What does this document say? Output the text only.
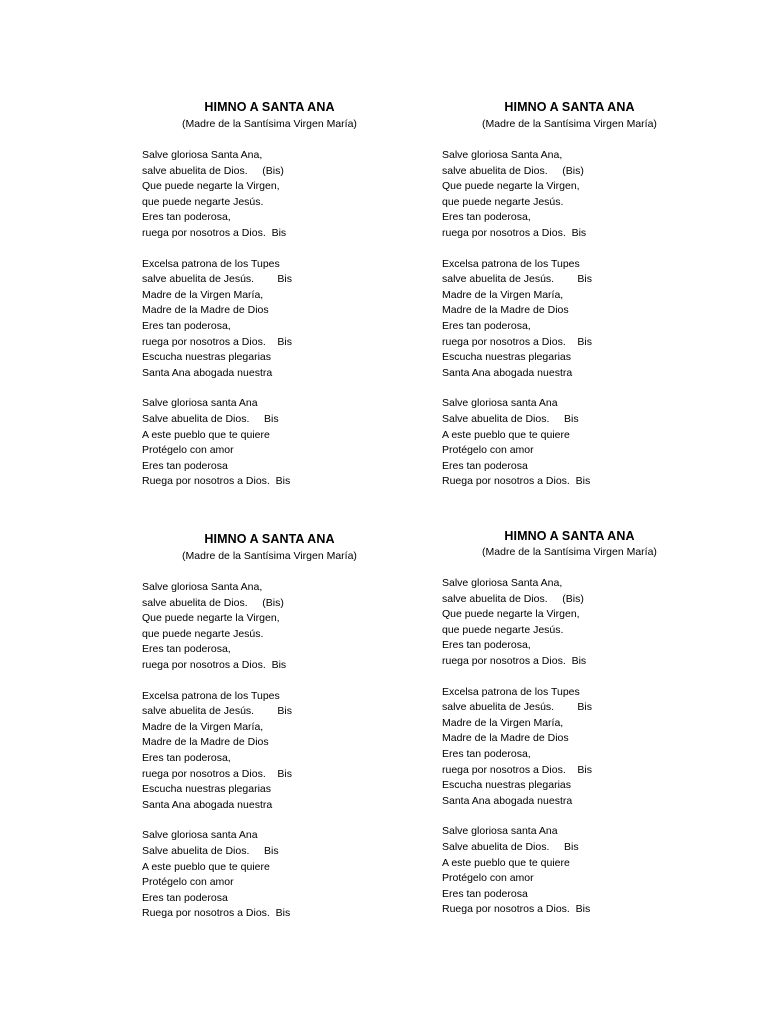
HIMNO A SANTA ANA
(Madre de la Santísima Virgen María)
Salve gloriosa Santa Ana,
salve abuelita de Dios.     (Bis)
Que puede negarte la Virgen,
que puede negarte Jesús.
Eres tan poderosa,
ruega por nosotros a Dios.  Bis
Excelsa patrona de los Tupes
salve abuelita de Jesús.        Bis
Madre de la Virgen María,
Madre de la Madre de Dios
Eres tan poderosa,
ruega por nosotros a Dios.    Bis
Escucha nuestras plegarias
Santa Ana abogada nuestra
Salve gloriosa santa Ana
Salve abuelita de Dios.     Bis
A este pueblo que te quiere
Protégelo con amor
Eres tan poderosa
Ruega por nosotros a Dios.  Bis
HIMNO A SANTA ANA
(Madre de la Santísima Virgen María)
Salve gloriosa Santa Ana,
salve abuelita de Dios.     (Bis)
Que puede negarte la Virgen,
que puede negarte Jesús.
Eres tan poderosa,
ruega por nosotros a Dios.  Bis
Excelsa patrona de los Tupes
salve abuelita de Jesús.        Bis
Madre de la Virgen María,
Madre de la Madre de Dios
Eres tan poderosa,
ruega por nosotros a Dios.    Bis
Escucha nuestras plegarias
Santa Ana abogada nuestra
Salve gloriosa santa Ana
Salve abuelita de Dios.     Bis
A este pueblo que te quiere
Protégelo con amor
Eres tan poderosa
Ruega por nosotros a Dios.  Bis
HIMNO A SANTA ANA
(Madre de la Santísima Virgen María)
Salve gloriosa Santa Ana,
salve abuelita de Dios.     (Bis)
Que puede negarte la Virgen,
que puede negarte Jesús.
Eres tan poderosa,
ruega por nosotros a Dios.  Bis
Excelsa patrona de los Tupes
salve abuelita de Jesús.        Bis
Madre de la Virgen María,
Madre de la Madre de Dios
Eres tan poderosa,
ruega por nosotros a Dios.    Bis
Escucha nuestras plegarias
Santa Ana abogada nuestra
Salve gloriosa santa Ana
Salve abuelita de Dios.     Bis
A este pueblo que te quiere
Protégelo con amor
Eres tan poderosa
Ruega por nosotros a Dios.  Bis
HIMNO A SANTA ANA
(Madre de la Santísima Virgen María)
Salve gloriosa Santa Ana,
salve abuelita de Dios.     (Bis)
Que puede negarte la Virgen,
que puede negarte Jesús.
Eres tan poderosa,
ruega por nosotros a Dios.  Bis
Excelsa patrona de los Tupes
salve abuelita de Jesús.        Bis
Madre de la Virgen María,
Madre de la Madre de Dios
Eres tan poderosa,
ruega por nosotros a Dios.    Bis
Escucha nuestras plegarias
Santa Ana abogada nuestra
Salve gloriosa santa Ana
Salve abuelita de Dios.     Bis
A este pueblo que te quiere
Protégelo con amor
Eres tan poderosa
Ruega por nosotros a Dios.  Bis
